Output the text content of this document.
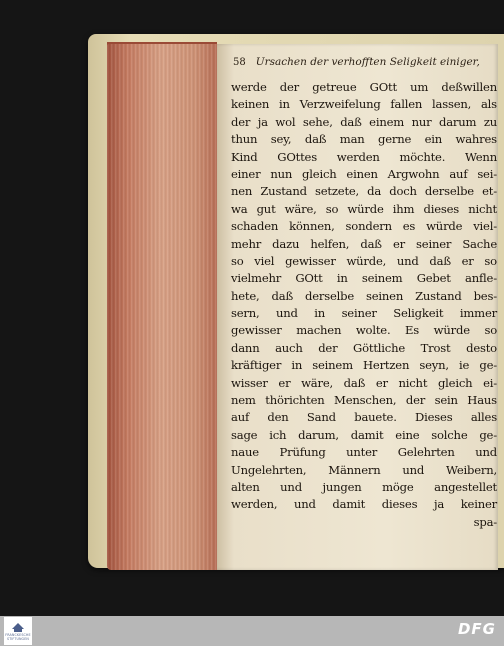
58 Ursachen der verhofften Seligkeit einiger,
werde der getreue GOtt um deßwillen
keinen in Verzweifelung fallen lassen, als
der ja wol sehe, daß einem nur darum zu
thun sey, daß man gerne ein wahres
Kind GOttes werden möchte. Wenn
einer nun gleich einen Argwohn auf sei-
nen Zustand setzete, da doch derselbe et-
wa gut wäre, so würde ihm dieses nicht
schaden können, sondern es würde viel-
mehr dazu helfen, daß er seiner Sache
so viel gewisser würde, und daß er so
vielmehr GOtt in seinem Gebet anfle-
hete, daß derselbe seinen Zustand bes-
sern, und in seiner Seligkeit immer
gewisser machen wolte. Es würde so
dann auch der Göttliche Trost desto
kräftiger in seinem Hertzen seyn, ie ge-
wisser er wäre, daß er nicht gleich ei-
nem thörichten Menschen, der sein Haus
auf den Sand bauete. Dieses alles
sage ich darum, damit eine solche ge-
naue Prüfung unter Gelehrten und
Ungelehrten, Männern und Weibern,
alten und jungen möge angestellet
werden, und damit dieses ja keiner
spa-
FRANCKESCHE
STIFTUNGEN
DFG
